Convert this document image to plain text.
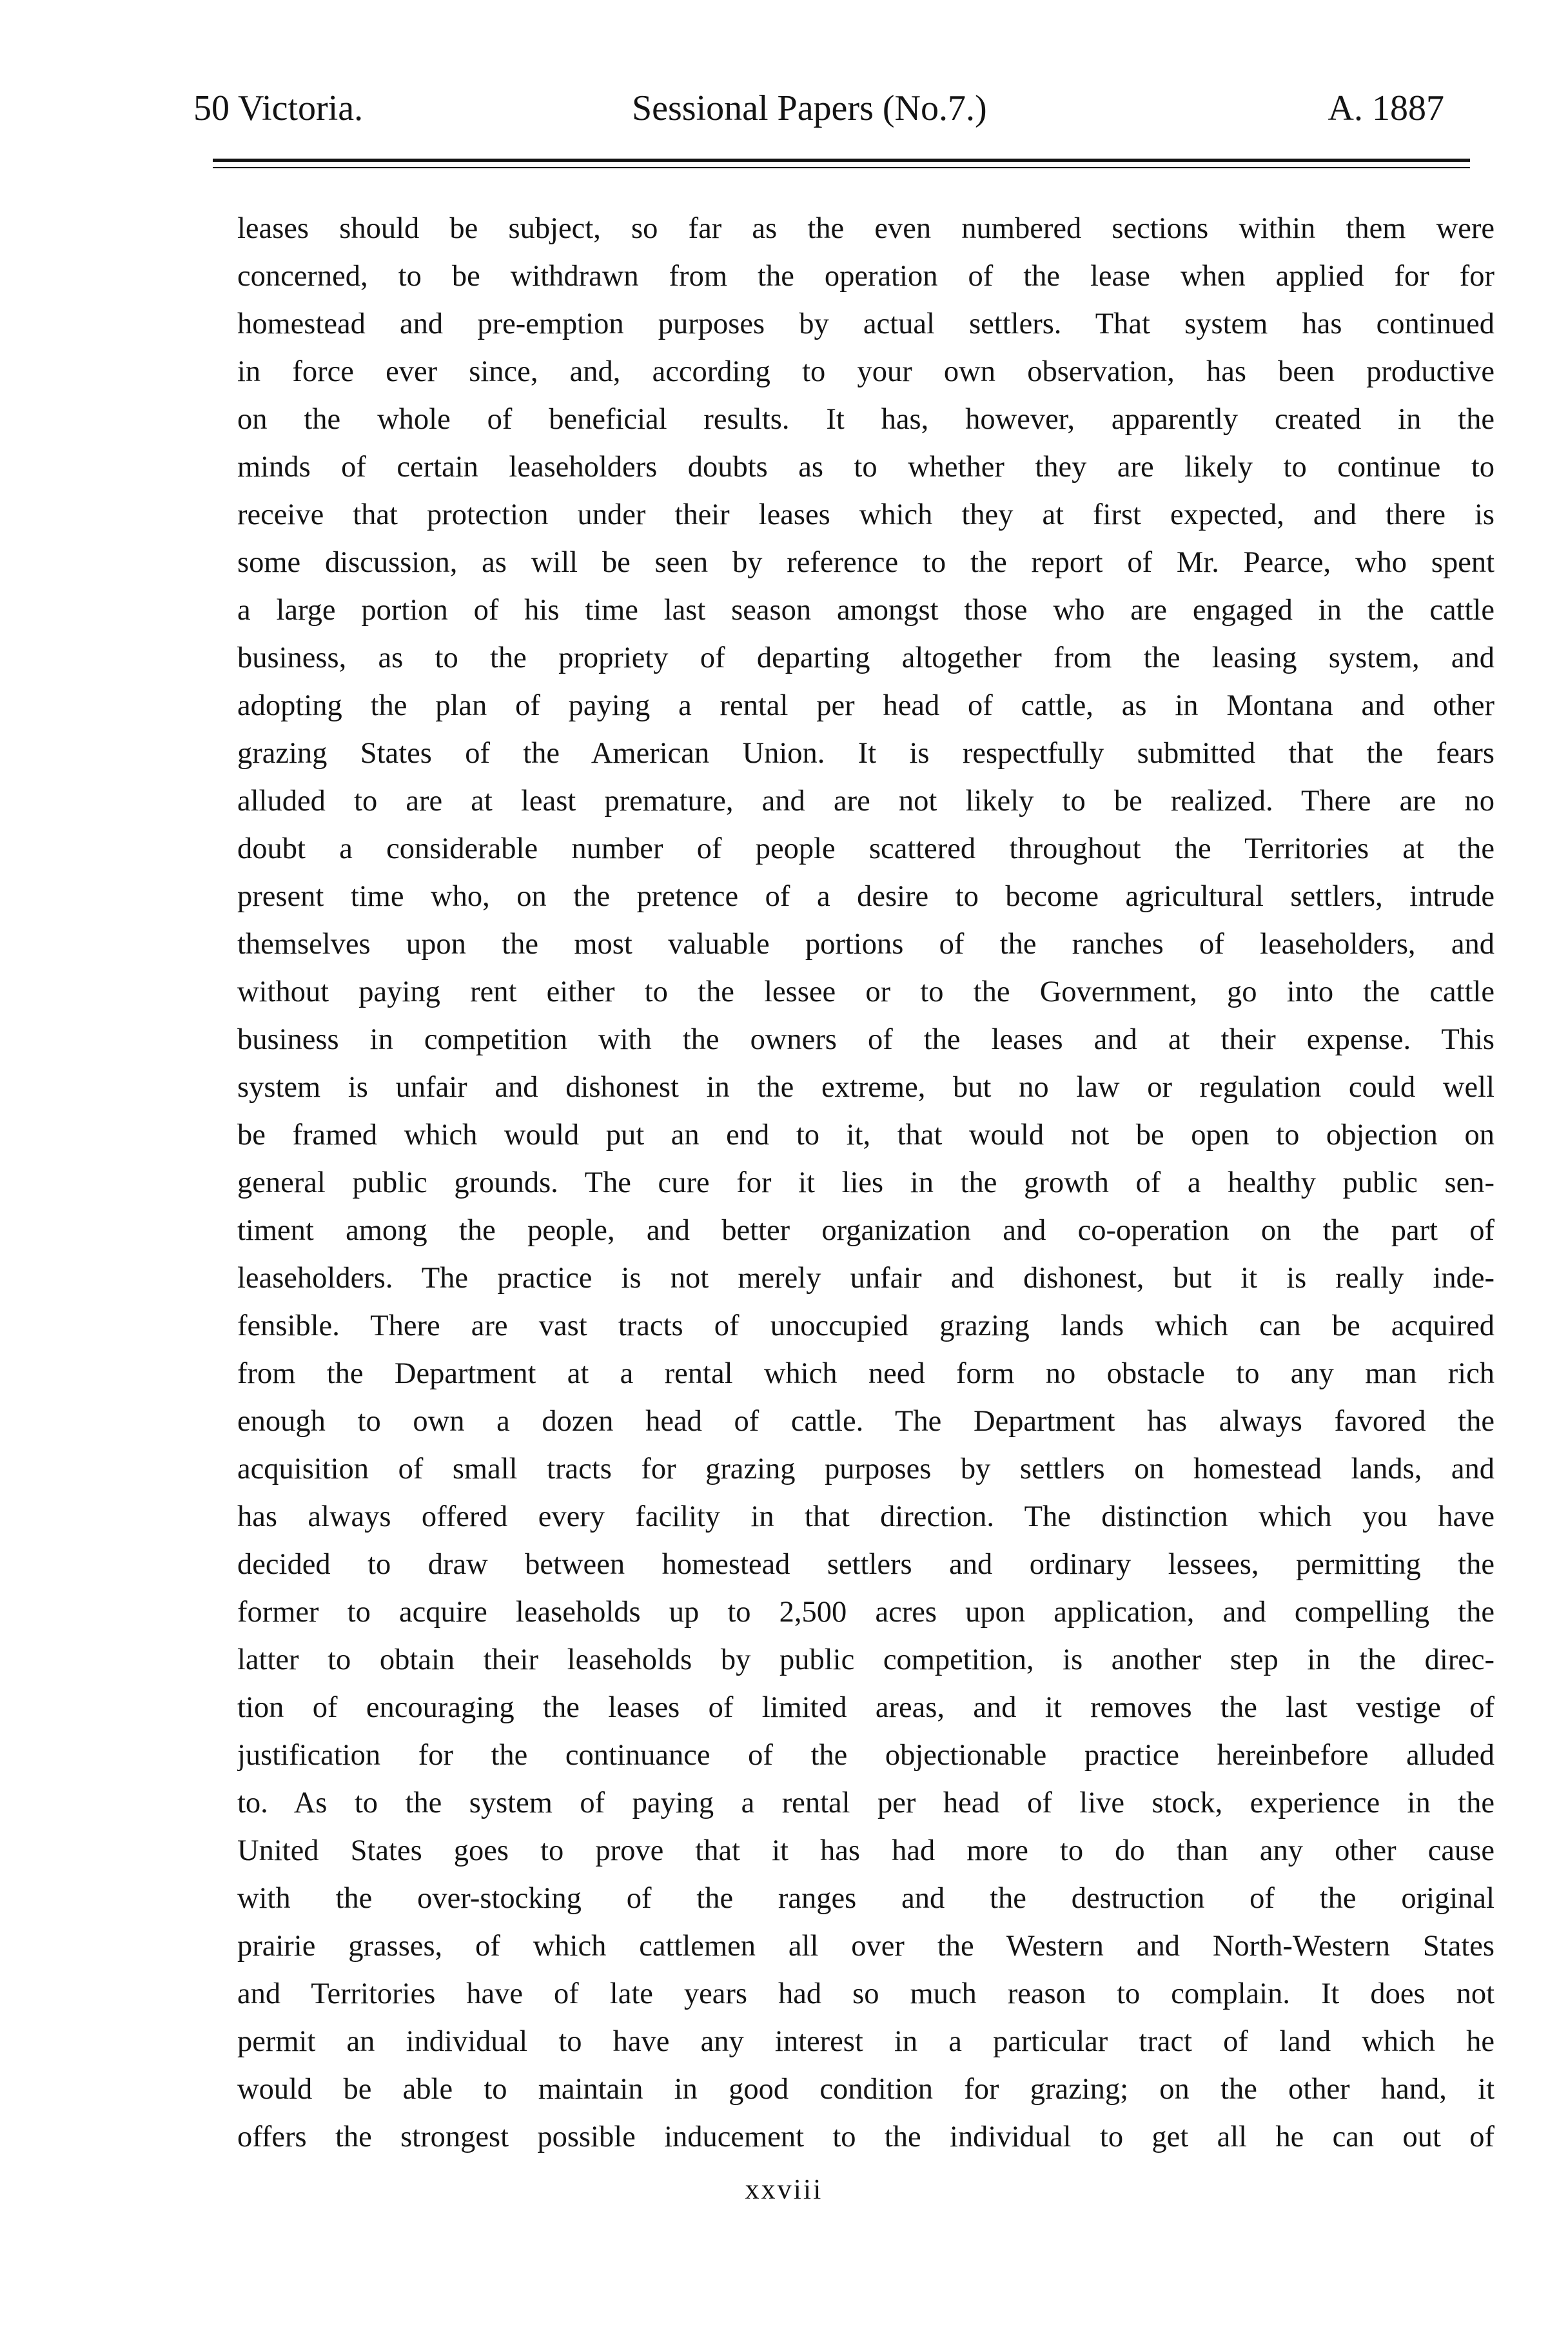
50 Victoria.	Sessional Papers (No.7.)	A. 1887
leases should be subject, so far as the even numbered sections within them were
concerned, to be withdrawn from the operation of the lease when applied for for
homestead and pre-emption purposes by actual settlers. That system has continued
in force ever since, and, according to your own observation, has been productive
on the whole of beneficial results. It has, however, apparently created in the
minds of certain leaseholders doubts as to whether they are likely to continue to
receive that protection under their leases which they at first expected, and there is
some discussion, as will be seen by reference to the report of Mr. Pearce, who spent
a large portion of his time last season amongst those who are engaged in the cattle
business, as to the propriety of departing altogether from the leasing system, and
adopting the plan of paying a rental per head of cattle, as in Montana and other
grazing States of the American Union. It is respectfully submitted that the fears
alluded to are at least premature, and are not likely to be realized. There are no
doubt a considerable number of people scattered throughout the Territories at the
present time who, on the pretence of a desire to become agricultural settlers, intrude
themselves upon the most valuable portions of the ranches of leaseholders, and
without paying rent either to the lessee or to the Government, go into the cattle
business in competition with the owners of the leases and at their expense. This
system is unfair and dishonest in the extreme, but no law or regulation could well
be framed which would put an end to it, that would not be open to objection on
general public grounds. The cure for it lies in the growth of a healthy public sen-
timent among the people, and better organization and co-operation on the part of
leaseholders. The practice is not merely unfair and dishonest, but it is really inde-
fensible. There are vast tracts of unoccupied grazing lands which can be acquired
from the Department at a rental which need form no obstacle to any man rich
enough to own a dozen head of cattle. The Department has always favored the
acquisition of small tracts for grazing purposes by settlers on homestead lands, and
has always offered every facility in that direction. The distinction which you have
decided to draw between homestead settlers and ordinary lessees, permitting the
former to acquire leaseholds up to 2,500 acres upon application, and compelling the
latter to obtain their leaseholds by public competition, is another step in the direc-
tion of encouraging the leases of limited areas, and it removes the last vestige of
justification for the continuance of the objectionable practice hereinbefore alluded
to. As to the system of paying a rental per head of live stock, experience in the
United States goes to prove that it has had more to do than any other cause
with the over-stocking of the ranges and the destruction of the original
prairie grasses, of which cattlemen all over the Western and North-Western States
and Territories have of late years had so much reason to complain. It does not
permit an individual to have any interest in a particular tract of land which he
would be able to maintain in good condition for grazing; on the other hand, it
offers the strongest possible inducement to the individual to get all he can out of
xxviii
